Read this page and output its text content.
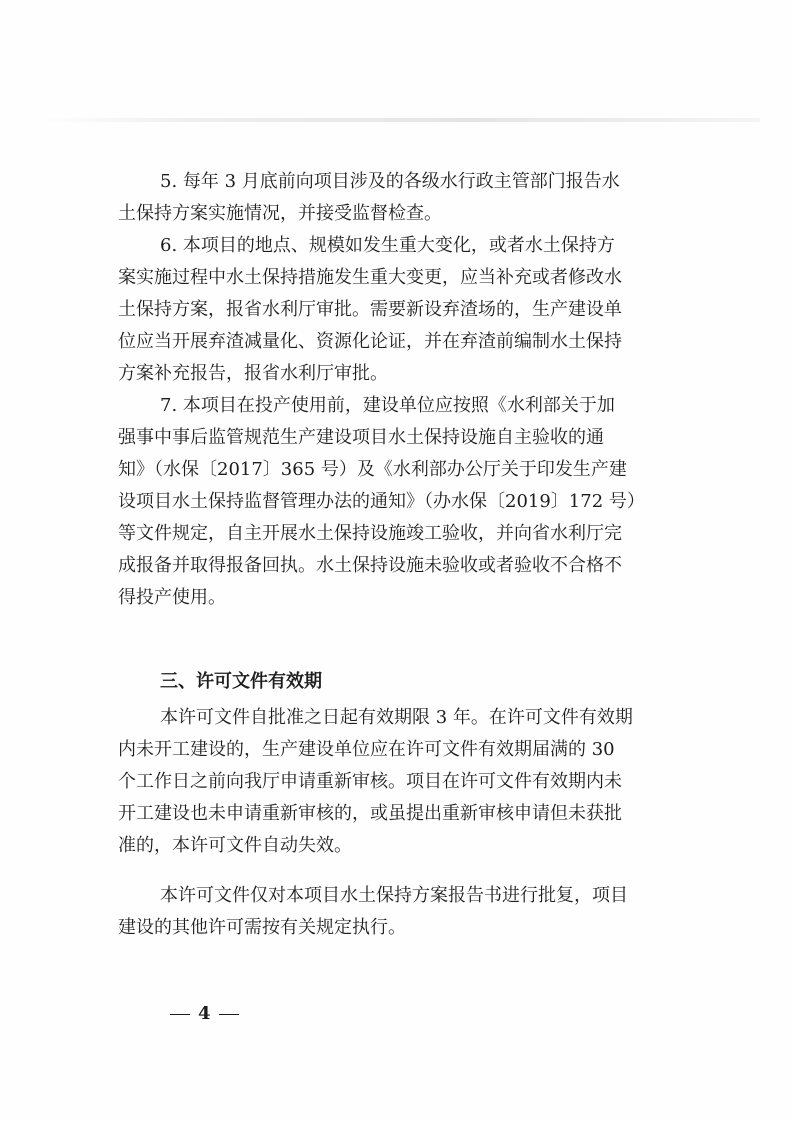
5. 每年 3 月底前向项目涉及的各级水行政主管部门报告水
土保持方案实施情况，并接受监督检查。
6. 本项目的地点、规模如发生重大变化，或者水土保持方
案实施过程中水土保持措施发生重大变更，应当补充或者修改水
土保持方案，报省水利厅审批。需要新设弃渣场的，生产建设单
位应当开展弃渣减量化、资源化论证，并在弃渣前编制水土保持
方案补充报告，报省水利厅审批。
7. 本项目在投产使用前，建设单位应按照《水利部关于加
强事中事后监管规范生产建设项目水土保持设施自主验收的通
知》（水保〔2017〕365 号）及《水利部办公厅关于印发生产建
设项目水土保持监督管理办法的通知》（办水保〔2019〕172 号）
等文件规定，自主开展水土保持设施竣工验收，并向省水利厅完
成报备并取得报备回执。水土保持设施未验收或者验收不合格不
得投产使用。
三、许可文件有效期
本许可文件自批准之日起有效期限 3 年。在许可文件有效期
内未开工建设的，生产建设单位应在许可文件有效期届满的 30
个工作日之前向我厅申请重新审核。项目在许可文件有效期内未
开工建设也未申请重新审核的，或虽提出重新审核申请但未获批
准的，本许可文件自动失效。
本许可文件仅对本项目水土保持方案报告书进行批复，项目
建设的其他许可需按有关规定执行。
4
